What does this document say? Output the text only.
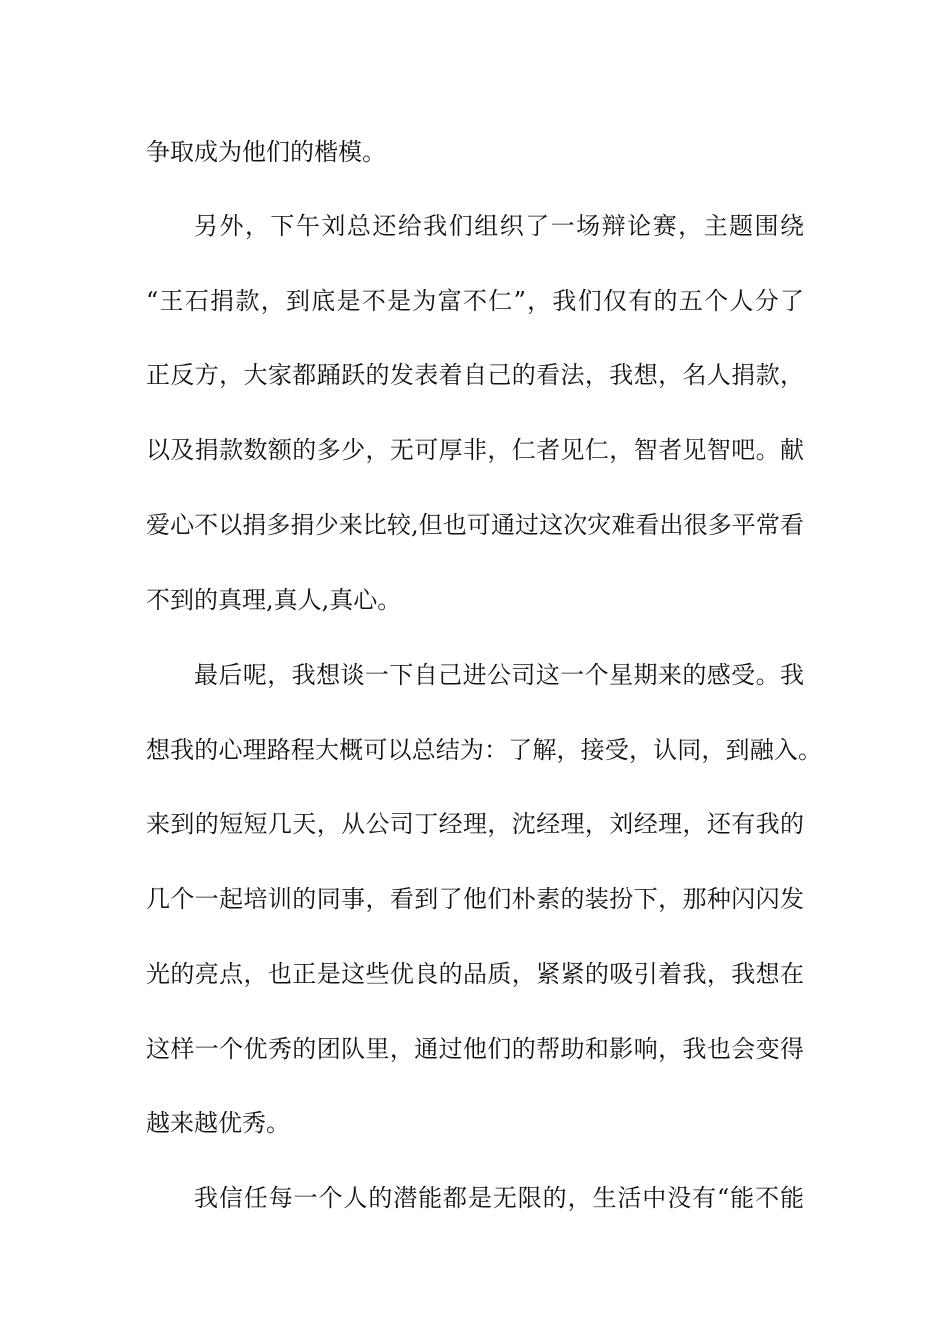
争取成为他们的楷模。
另外，下午刘总还给我们组织了一场辩论赛，主题围绕
“王石捐款，到底是不是为富不仁”，我们仅有的五个人分了
正反方，大家都踊跃的发表着自己的看法，我想，名人捐款，
以及捐款数额的多少，无可厚非，仁者见仁，智者见智吧。献
爱心不以捐多捐少来比较,但也可通过这次灾难看出很多平常看
不到的真理,真人,真心。
最后呢，我想谈一下自己进公司这一个星期来的感受。我
想我的心理路程大概可以总结为：了解，接受，认同，到融入。
来到的短短几天，从公司丁经理，沈经理，刘经理，还有我的
几个一起培训的同事，看到了他们朴素的装扮下，那种闪闪发
光的亮点，也正是这些优良的品质，紧紧的吸引着我，我想在
这样一个优秀的团队里，通过他们的帮助和影响，我也会变得
越来越优秀。
我信任每一个人的潜能都是无限的，生活中没有“能不能
